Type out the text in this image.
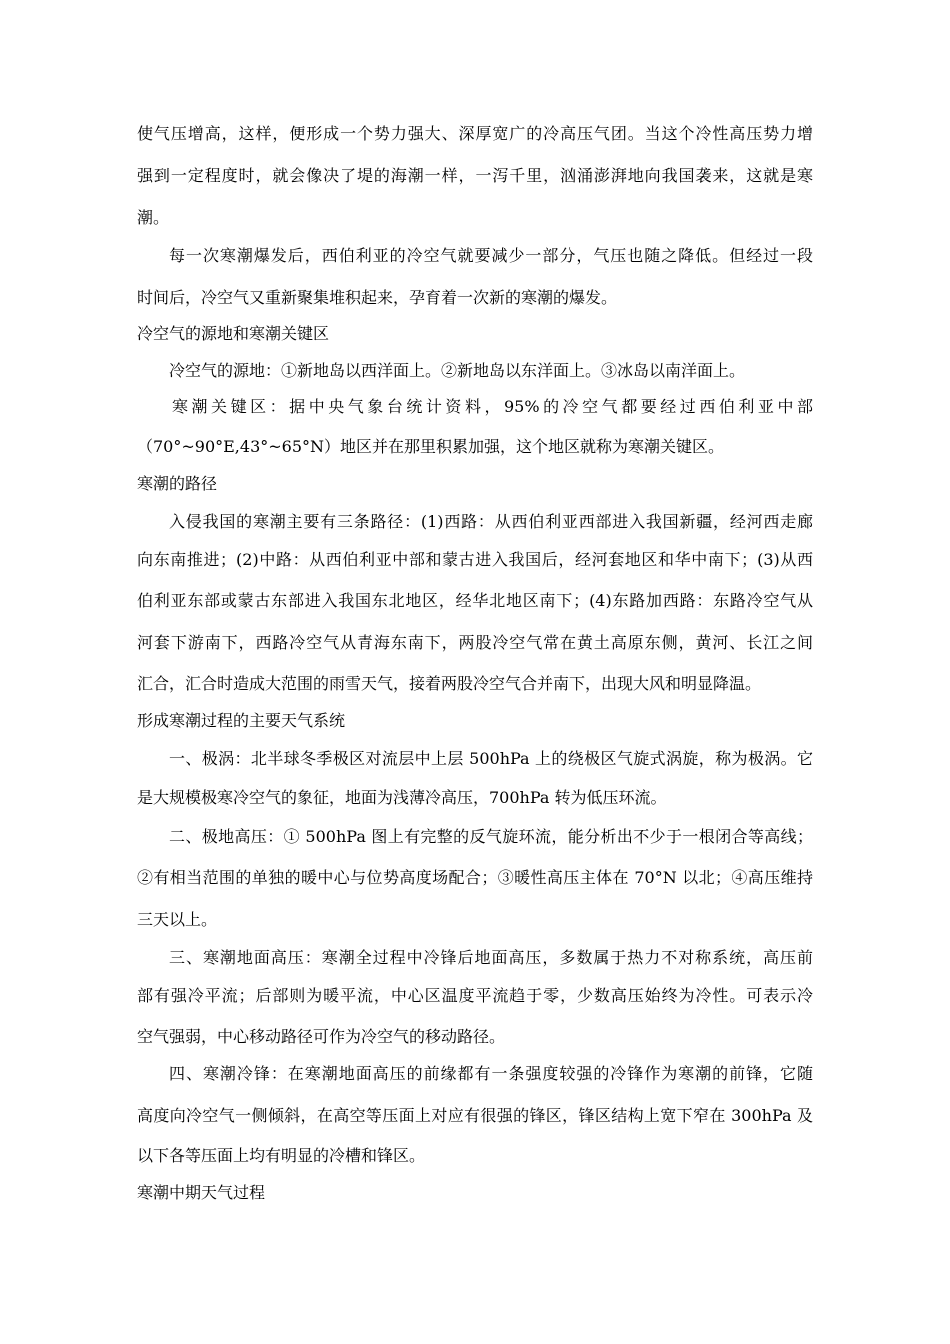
使气压增高，这样，便形成一个势力强大、深厚宽广的冷高压气团。当这个冷性高压势力增

强到一定程度时，就会像决了堤的海潮一样，一泻千里，汹涌澎湃地向我国袭来，这就是寒

潮。

每一次寒潮爆发后，西伯利亚的冷空气就要减少一部分，气压也随之降低。但经过一段

时间后，冷空气又重新聚集堆积起来，孕育着一次新的寒潮的爆发。

冷空气的源地和寒潮关键区

冷空气的源地：①新地岛以西洋面上。②新地岛以东洋面上。③冰岛以南洋面上。

寒潮关键区：据中央气象台统计资料，95%的冷空气都要经过西伯利亚中部

（70°~90°E,43°~65°N）地区并在那里积累加强，这个地区就称为寒潮关键区。

寒潮的路径

入侵我国的寒潮主要有三条路径：(1)西路：从西伯利亚西部进入我国新疆，经河西走廊

向东南推进；(2)中路：从西伯利亚中部和蒙古进入我国后，经河套地区和华中南下；(3)从西

伯利亚东部或蒙古东部进入我国东北地区，经华北地区南下；(4)东路加西路：东路冷空气从

河套下游南下，西路冷空气从青海东南下，两股冷空气常在黄土高原东侧，黄河、长江之间

汇合，汇合时造成大范围的雨雪天气，接着两股冷空气合并南下，出现大风和明显降温。

形成寒潮过程的主要天气系统

一、极涡：北半球冬季极区对流层中上层 500hPa 上的绕极区气旋式涡旋，称为极涡。它

是大规模极寒冷空气的象征，地面为浅薄冷高压，700hPa 转为低压环流。

二、极地高压：① 500hPa 图上有完整的反气旋环流，能分析出不少于一根闭合等高线；

②有相当范围的单独的暖中心与位势高度场配合；③暖性高压主体在 70°N 以北；④高压维持

三天以上。

三、寒潮地面高压：寒潮全过程中冷锋后地面高压，多数属于热力不对称系统，高压前

部有强冷平流；后部则为暖平流，中心区温度平流趋于零，少数高压始终为冷性。可表示冷

空气强弱，中心移动路径可作为冷空气的移动路径。

四、寒潮冷锋：在寒潮地面高压的前缘都有一条强度较强的冷锋作为寒潮的前锋，它随

高度向冷空气一侧倾斜，在高空等压面上对应有很强的锋区，锋区结构上宽下窄在 300hPa 及

以下各等压面上均有明显的冷槽和锋区。

寒潮中期天气过程
